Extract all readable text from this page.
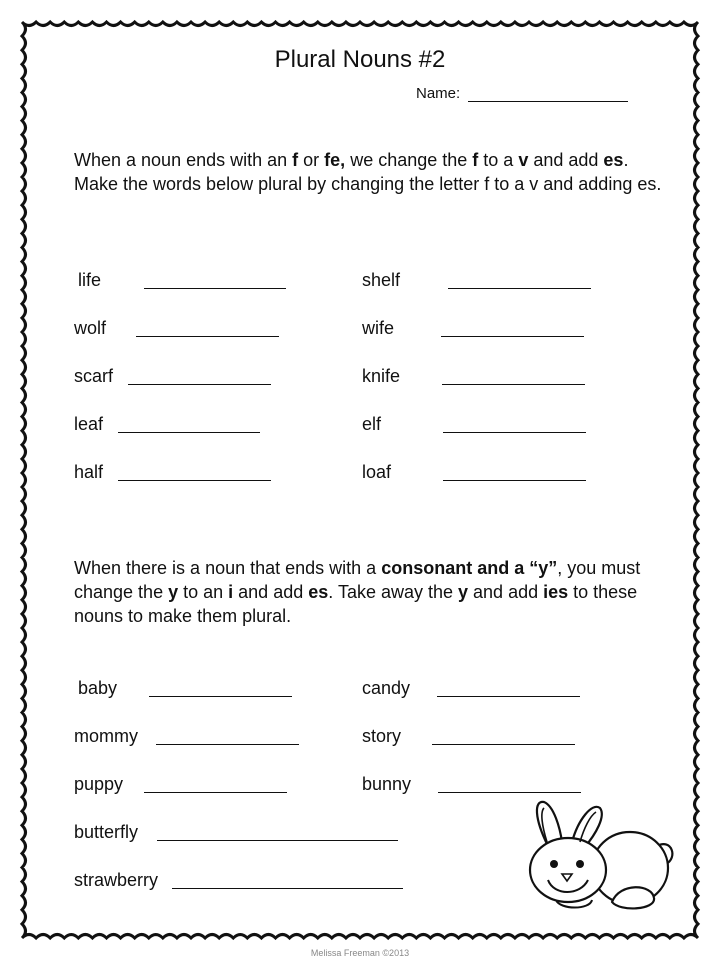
Plural Nouns #2
Name:
When a noun ends with an f or fe, we change the f to a v and add es. Make the words below plural by changing the letter f to a v and adding es.
life
wolf
scarf
leaf
half
shelf
wife
knife
elf
loaf
When there is a noun that ends with a consonant and a “y”, you must change the y to an i and add es. Take away the y and add ies to these nouns to make them plural.
baby
mommy
puppy
butterfly
strawberry
candy
story
bunny
Melissa Freeman ©2013
